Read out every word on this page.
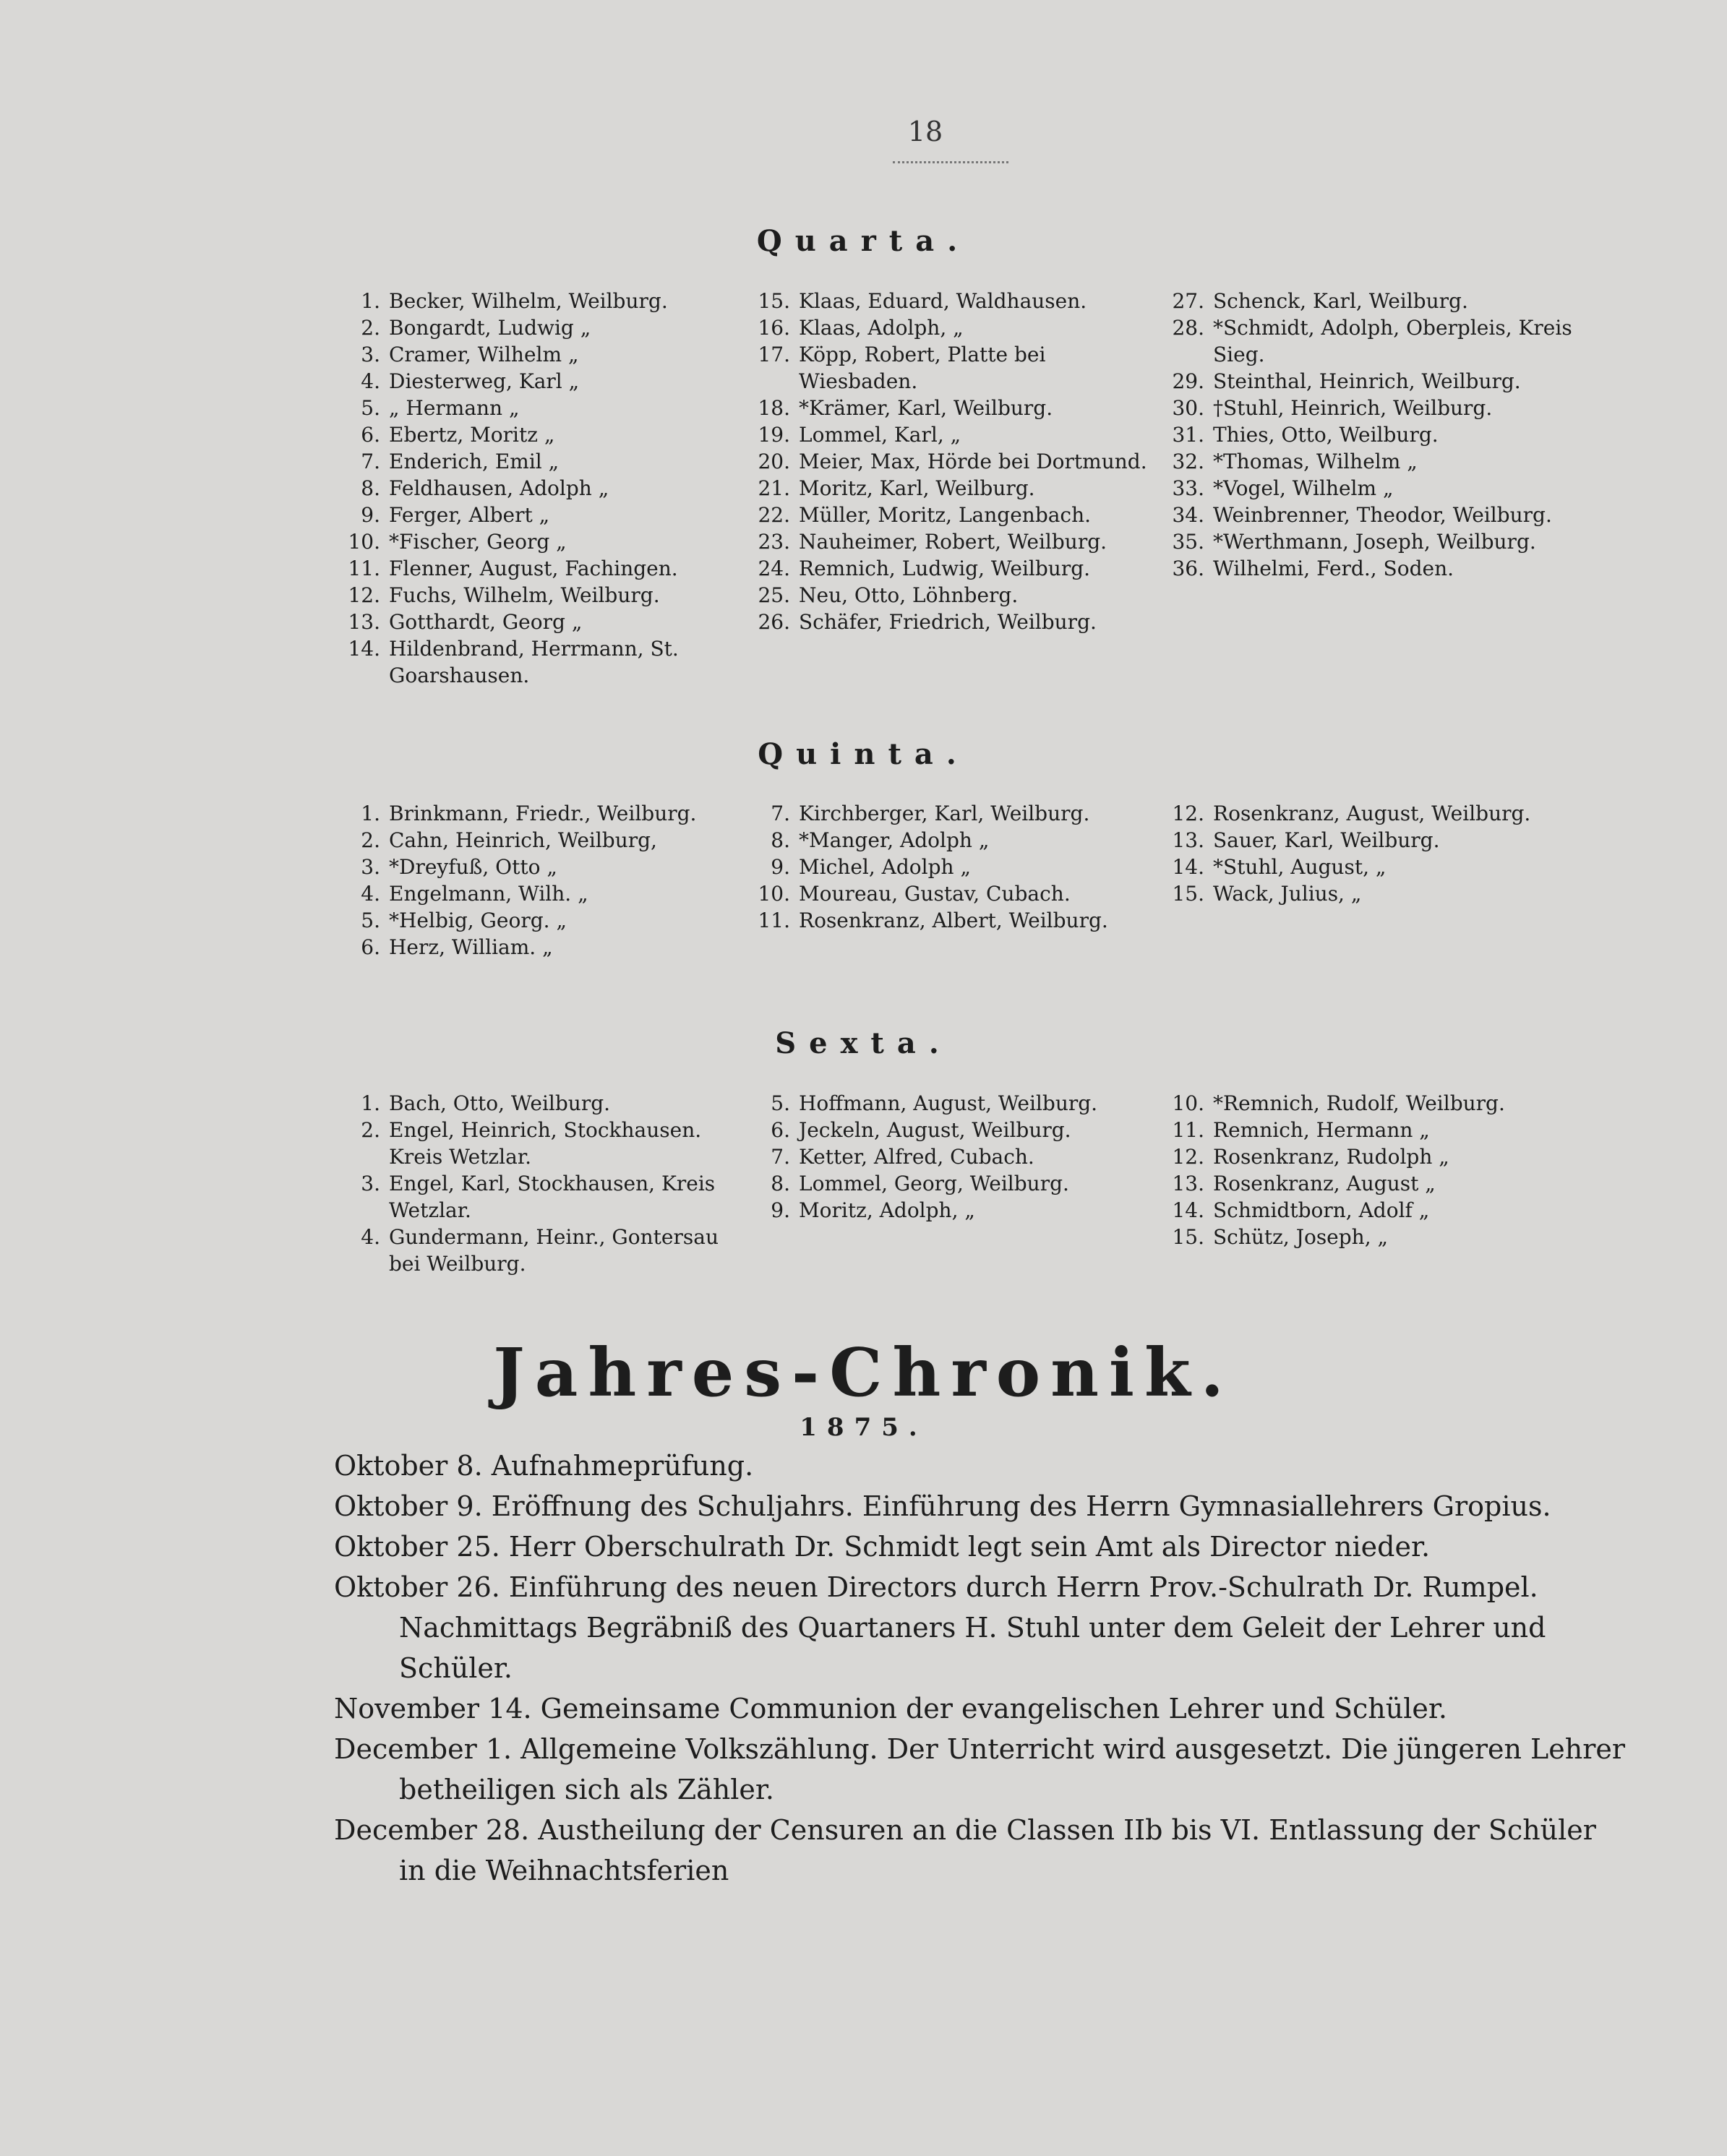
18
Quarta.
1. Becker, Wilhelm, Weilburg.
2. Bongardt, Ludwig „
3. Cramer, Wilhelm „
4. Diesterweg, Karl „
5. „ Hermann „
6. Ebertz, Moritz „
7. Enderich, Emil „
8. Feldhausen, Adolph „
9. Ferger, Albert „
10. *Fischer, Georg „
11. Flenner, August, Fachingen.
12. Fuchs, Wilhelm, Weilburg.
13. Gotthardt, Georg „
14. Hildenbrand, Herrmann, St. Goarshausen.
15. Klaas, Eduard, Waldhausen.
16. Klaas, Adolph, „
17. Köpp, Robert, Platte bei Wiesbaden.
18. *Krämer, Karl, Weilburg.
19. Lommel, Karl, „
20. Meier, Max, Hörde bei Dortmund.
21. Moritz, Karl, Weilburg.
22. Müller, Moritz, Langenbach.
23. Nauheimer, Robert, Weilburg.
24. Remnich, Ludwig, Weilburg.
25. Neu, Otto, Löhnberg.
26. Schäfer, Friedrich, Weilburg.
27. Schenck, Karl, Weilburg.
28. *Schmidt, Adolph, Oberpleis, Kreis Sieg.
29. Steinthal, Heinrich, Weilburg.
30. †Stuhl, Heinrich, Weilburg.
31. Thies, Otto, Weilburg.
32. *Thomas, Wilhelm „
33. *Vogel, Wilhelm „
34. Weinbrenner, Theodor, Weilburg.
35. *Werthmann, Joseph, Weilburg.
36. Wilhelmi, Ferd., Soden.
Quinta.
1. Brinkmann, Friedr., Weilburg.
2. Cahn, Heinrich, Weilburg,
3. *Dreyfuß, Otto „
4. Engelmann, Wilh. „
5. *Helbig, Georg. „
6. Herz, William. „
7. Kirchberger, Karl, Weilburg.
8. *Manger, Adolph „
9. Michel, Adolph „
10. Moureau, Gustav, Cubach.
11. Rosenkranz, Albert, Weilburg.
12. Rosenkranz, August, Weilburg.
13. Sauer, Karl, Weilburg.
14. *Stuhl, August, „
15. Wack, Julius, „
Sexta.
1. Bach, Otto, Weilburg.
2. Engel, Heinrich, Stockhausen. Kreis Wetzlar.
3. Engel, Karl, Stockhausen, Kreis Wetzlar.
4. Gundermann, Heinr., Gontersau bei Weilburg.
5. Hoffmann, August, Weilburg.
6. Jeckeln, August, Weilburg.
7. Ketter, Alfred, Cubach.
8. Lommel, Georg, Weilburg.
9. Moritz, Adolph, „
10. *Remnich, Rudolf, Weilburg.
11. Remnich, Hermann „
12. Rosenkranz, Rudolph „
13. Rosenkranz, August „
14. Schmidtborn, Adolf „
15. Schütz, Joseph, „
Jahres-Chronik.
1875.
Oktober 8. Aufnahmeprüfung.
Oktober 9. Eröffnung des Schuljahrs. Einführung des Herrn Gymnasiallehrers Gropius.
Oktober 25. Herr Oberschulrath Dr. Schmidt legt sein Amt als Director nieder.
Oktober 26. Einführung des neuen Directors durch Herrn Prov.-Schulrath Dr. Rumpel.
Nachmittags Begräbniß des Quartaners H. Stuhl unter dem Geleit der Lehrer und
Schüler.
November 14. Gemeinsame Communion der evangelischen Lehrer und Schüler.
December 1. Allgemeine Volkszählung. Der Unterricht wird ausgesetzt. Die jüngeren Lehrer
betheiligen sich als Zähler.
December 28. Austheilung der Censuren an die Classen IIb bis VI. Entlassung der Schüler
in die Weihnachtsferien
